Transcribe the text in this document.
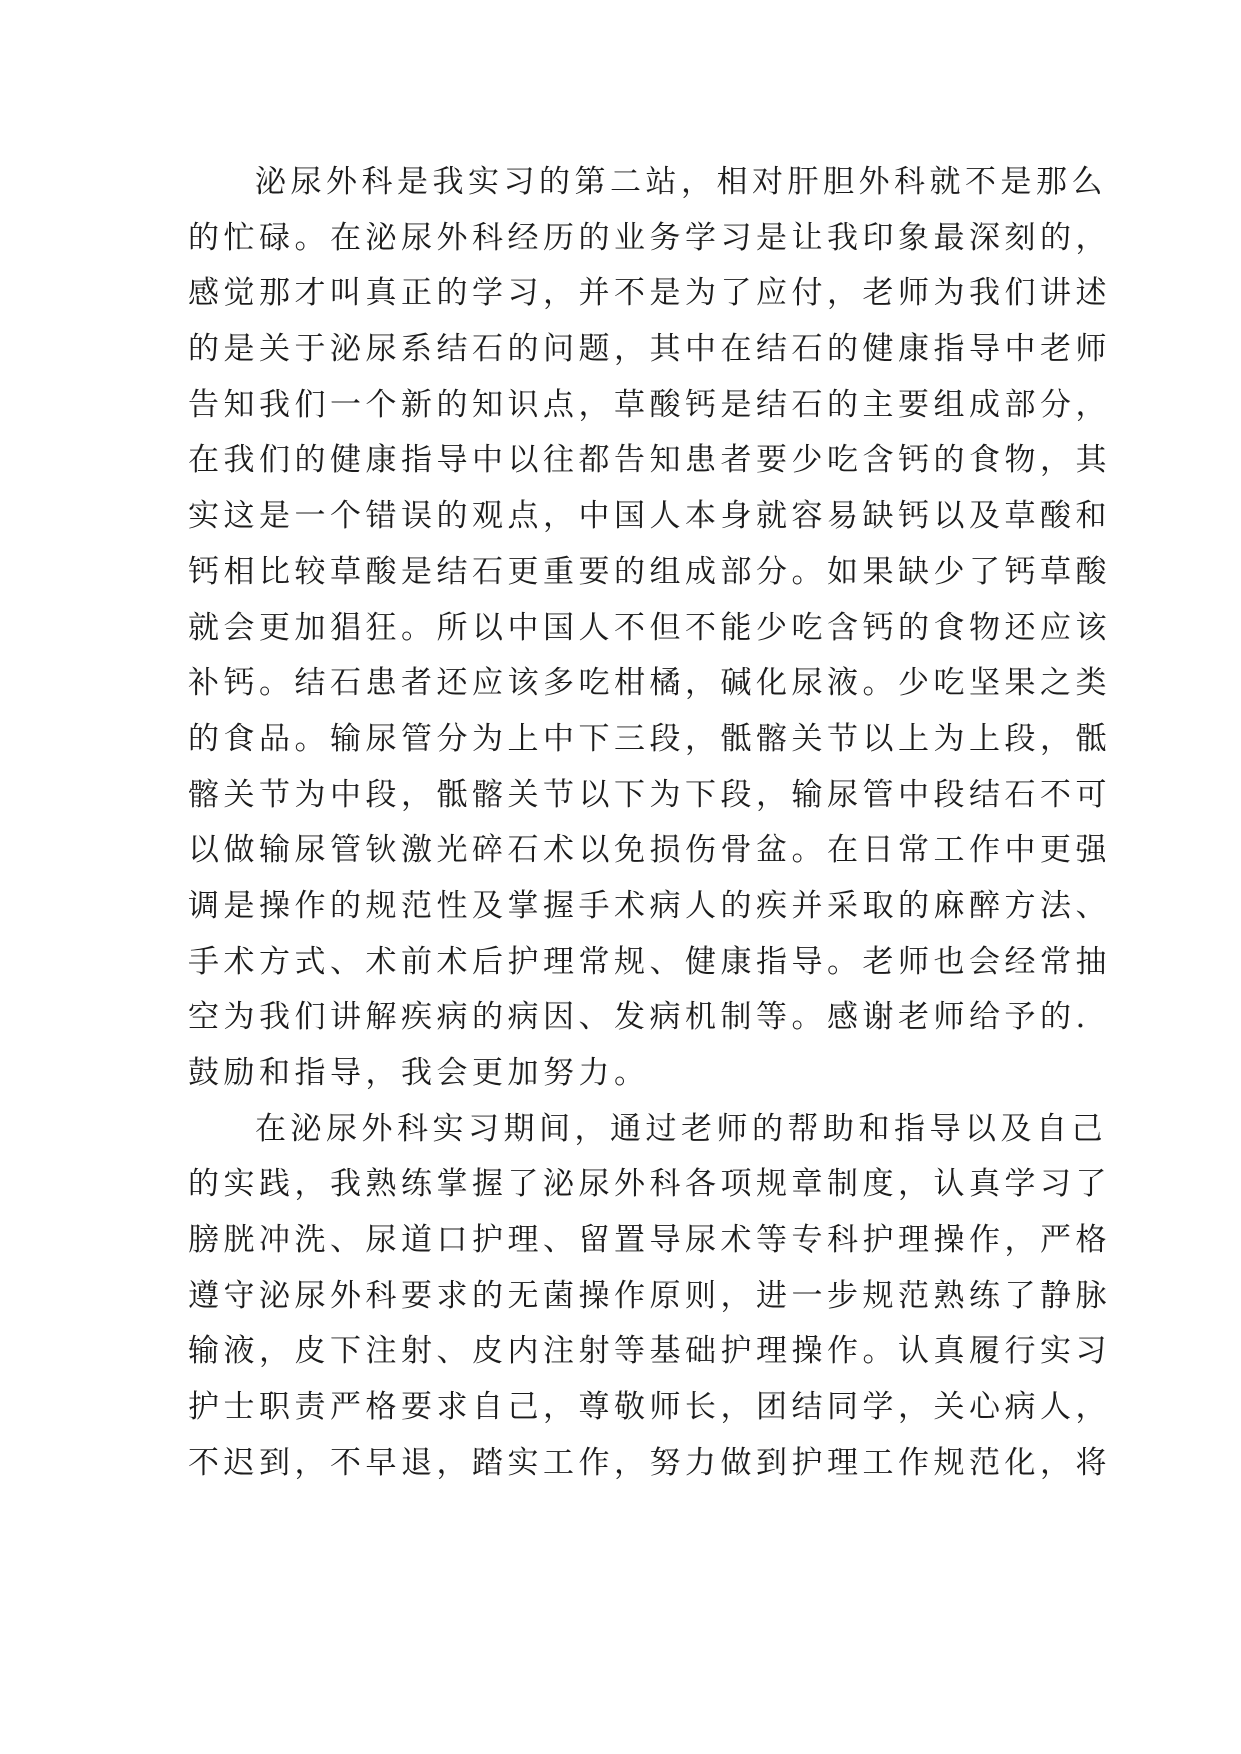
泌尿外科是我实习的第二站，相对肝胆外科就不是那么
的忙碌。在泌尿外科经历的业务学习是让我印象最深刻的，
感觉那才叫真正的学习，并不是为了应付，老师为我们讲述
的是关于泌尿系结石的问题，其中在结石的健康指导中老师
告知我们一个新的知识点，草酸钙是结石的主要组成部分，
在我们的健康指导中以往都告知患者要少吃含钙的食物，其
实这是一个错误的观点，中国人本身就容易缺钙以及草酸和
钙相比较草酸是结石更重要的组成部分。如果缺少了钙草酸
就会更加猖狂。所以中国人不但不能少吃含钙的食物还应该
补钙。结石患者还应该多吃柑橘，碱化尿液。少吃坚果之类
的食品。输尿管分为上中下三段，骶髂关节以上为上段，骶
髂关节为中段，骶髂关节以下为下段，输尿管中段结石不可
以做输尿管钬激光碎石术以免损伤骨盆。在日常工作中更强
调是操作的规范性及掌握手术病人的疾并采取的麻醉方法、
手术方式、术前术后护理常规、健康指导。老师也会经常抽
空为我们讲解疾病的病因、发病机制等。感谢老师给予的.
鼓励和指导，我会更加努力。
在泌尿外科实习期间，通过老师的帮助和指导以及自己
的实践，我熟练掌握了泌尿外科各项规章制度，认真学习了
膀胱冲洗、尿道口护理、留置导尿术等专科护理操作，严格
遵守泌尿外科要求的无菌操作原则，进一步规范熟练了静脉
输液，皮下注射、皮内注射等基础护理操作。认真履行实习
护士职责严格要求自己，尊敬师长，团结同学，关心病人，
不迟到，不早退，踏实工作，努力做到护理工作规范化，将
